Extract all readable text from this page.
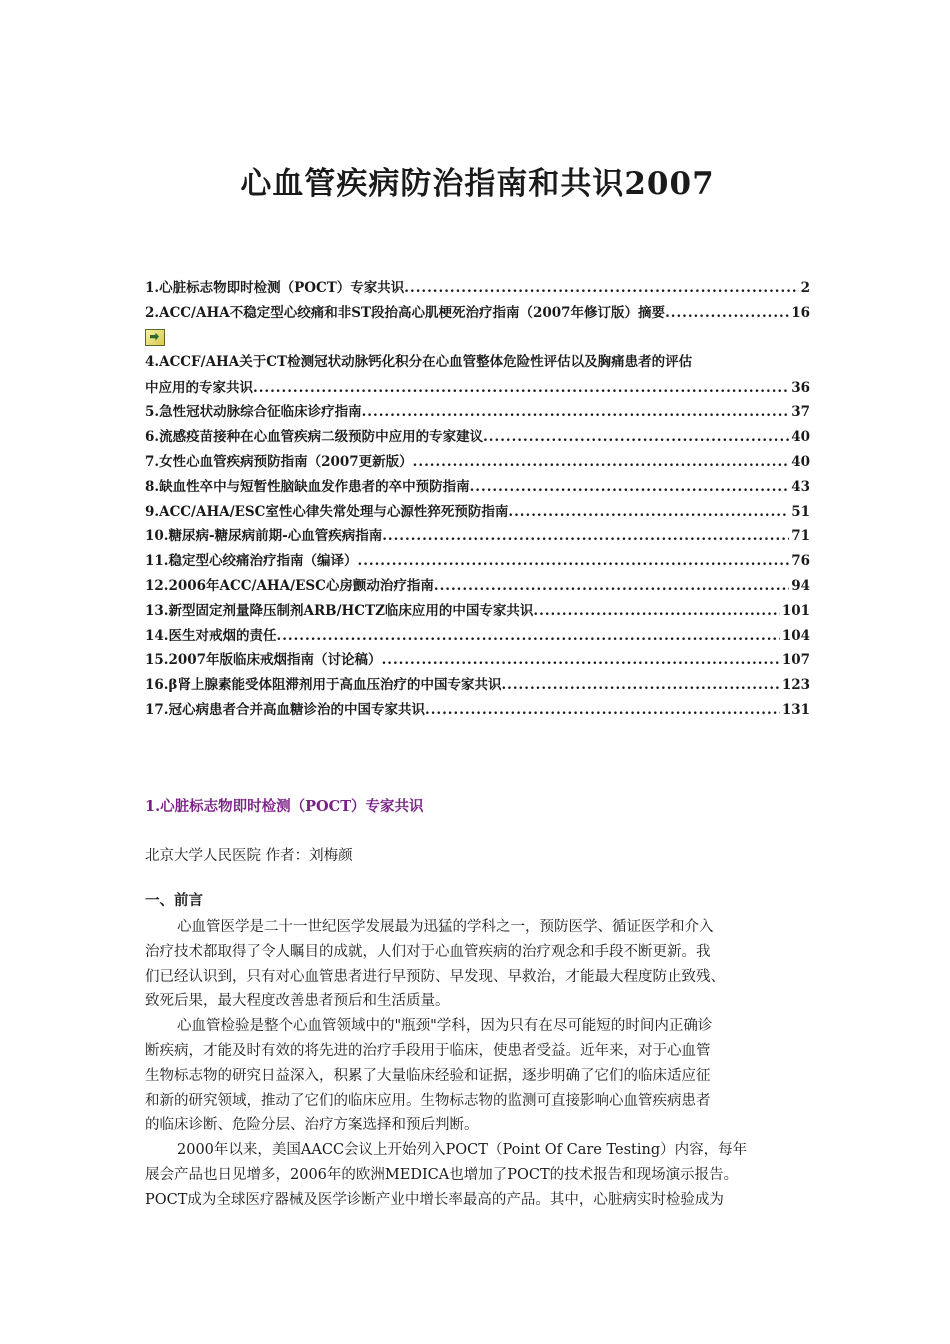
心血管疾病防治指南和共识2007
1.心脏标志物即时检测（POCT）专家共识 .....	2
2.ACC/AHA不稳定型心绞痛和非ST段抬高心肌梗死治疗指南（2007年修订版）摘要 .....	16
4.ACCF/AHA关于CT检测冠状动脉钙化积分在心血管整体危险性评估以及胸痛患者的评估
中应用的专家共识 .....	36
5.急性冠状动脉综合征临床诊疗指南 .....	37
6.流感疫苗接种在心血管疾病二级预防中应用的专家建议 .....	40
7.女性心血管疾病预防指南（2007更新版） .....	40
8.缺血性卒中与短暂性脑缺血发作患者的卒中预防指南 .....	43
9.ACC/AHA/ESC室性心律失常处理与心源性猝死预防指南 .....	51
10.糖尿病-糖尿病前期-心血管疾病指南 .....	71
11.稳定型心绞痛治疗指南（编译） .....	76
12.2006年ACC/AHA/ESC心房颤动治疗指南 .....	94
13.新型固定剂量降压制剂ARB/HCTZ临床应用的中国专家共识 .....	101
14.医生对戒烟的责任 .....	104
15.2007年版临床戒烟指南（讨论稿） .....	107
16.β肾上腺素能受体阻滞剂用于高血压治疗的中国专家共识 .....	123
17.冠心病患者合并高血糖诊治的中国专家共识 .....	131
1.心脏标志物即时检测（POCT）专家共识

北京大学人民医院 作者：刘梅颜

一、前言

心血管医学是二十一世纪医学发展最为迅猛的学科之一，预防医学、循证医学和介入
治疗技术都取得了令人瞩目的成就，人们对于心血管疾病的治疗观念和手段不断更新。我
们已经认识到，只有对心血管患者进行早预防、早发现、早救治，才能最大程度防止致残、
致死后果，最大程度改善患者预后和生活质量。

心血管检验是整个心血管领域中的"瓶颈"学科，因为只有在尽可能短的时间内正确诊
断疾病，才能及时有效的将先进的治疗手段用于临床，使患者受益。近年来，对于心血管
生物标志物的研究日益深入，积累了大量临床经验和证据，逐步明确了它们的临床适应征
和新的研究领域，推动了它们的临床应用。生物标志物的监测可直接影响心血管疾病患者
的临床诊断、危险分层、治疗方案选择和预后判断。

2000年以来，美国AACC会议上开始列入POCT（Point Of Care Testing）内容，每年
展会产品也日见增多，2006年的欧洲MEDICA也增加了POCT的技术报告和现场演示报告。
POCT成为全球医疗器械及医学诊断产业中增长率最高的产品。其中，心脏病实时检验成为
